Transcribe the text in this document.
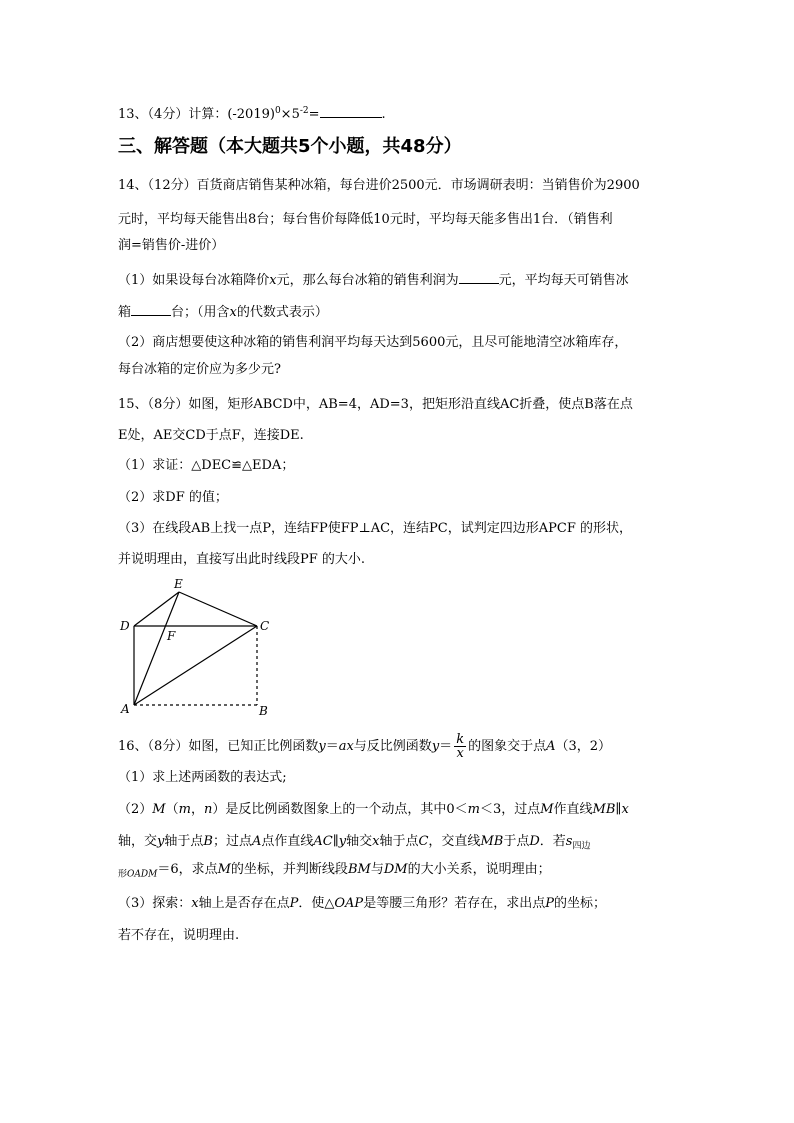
13、（4分）计算：$(-2019)^0\times 5^{-2}=$	.
三、解答题（本大题共5个小题，共48分）
14、（12分）百货商店销售某种冰箱，每台进价2500元．市场调研表明：当销售价为2900
元时，平均每天能售出8台；每台售价每降低10元时，平均每天能多售出1台．（销售利
润=销售价-进价）
（1）如果设每台冰箱降价x元，那么每台冰箱的销售利润为	元，平均每天可销售冰
箱	台；（用含x的代数式表示）
（2）商店想要使这种冰箱的销售利润平均每天达到5600元，且尽可能地清空冰箱库存，
每台冰箱的定价应为多少元?
15、（8分）如图，矩形ABCD中，AB=4，AD=3，把矩形沿直线AC折叠，使点B落在点
E处，AE交CD于点F，连接DE.
（1）求证：△DEC≌△EDA；
（2）求DF 的值；
（3）在线段AB上找一点P，连结FP使FP⊥AC，连结PC，试判定四边形APCF 的形状，
并说明理由，直接写出此时线段PF 的大小.
E
D
F
C
A	B
16、（8分）如图，已知正比例函数y＝ax与反比例函数$y= \frac{k}{x}$ 的图象交于点A（3，2）
（1）求上述两函数的表达式;
（2）M（m，n）是反比例函数图象上的一个动点，其中0＜m＜3，过点M作直线MB∥x
轴，交y轴于点B；过点A点作直线AC∥y轴交x轴于点C，交直线MB于点D．若$s_{四边}$
$_{形OADM}$＝6，求点M的坐标，并判断线段BM与DM的大小关系，说明理由；
（3）探索：x轴上是否存在点P．使△OAP是等腰三角形？若存在，求出点P的坐标；
若不存在，说明理由.
